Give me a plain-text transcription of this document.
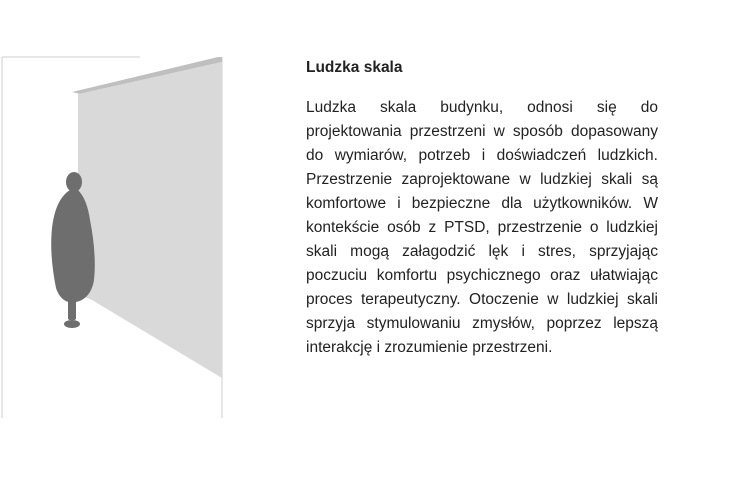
Ludzka skala

Ludzka skala budynku, odnosi się do projektowania przestrzeni w sposób dopasowany do wymiarów, potrzeb i doświadczeń ludzkich. Przestrzenie zaprojektowane w ludzkiej skali są komfortowe i bezpieczne dla użytkowników. W kontekście osób z PTSD, przestrzenie o ludzkiej skali mogą załagodzić lęk i stres, sprzyjając poczuciu komfortu psychicznego oraz ułatwiając proces terapeutyczny. Otoczenie w ludzkiej skali sprzyja stymulowaniu zmysłów, poprzez lepszą interakcję i zrozumienie przestrzeni.
